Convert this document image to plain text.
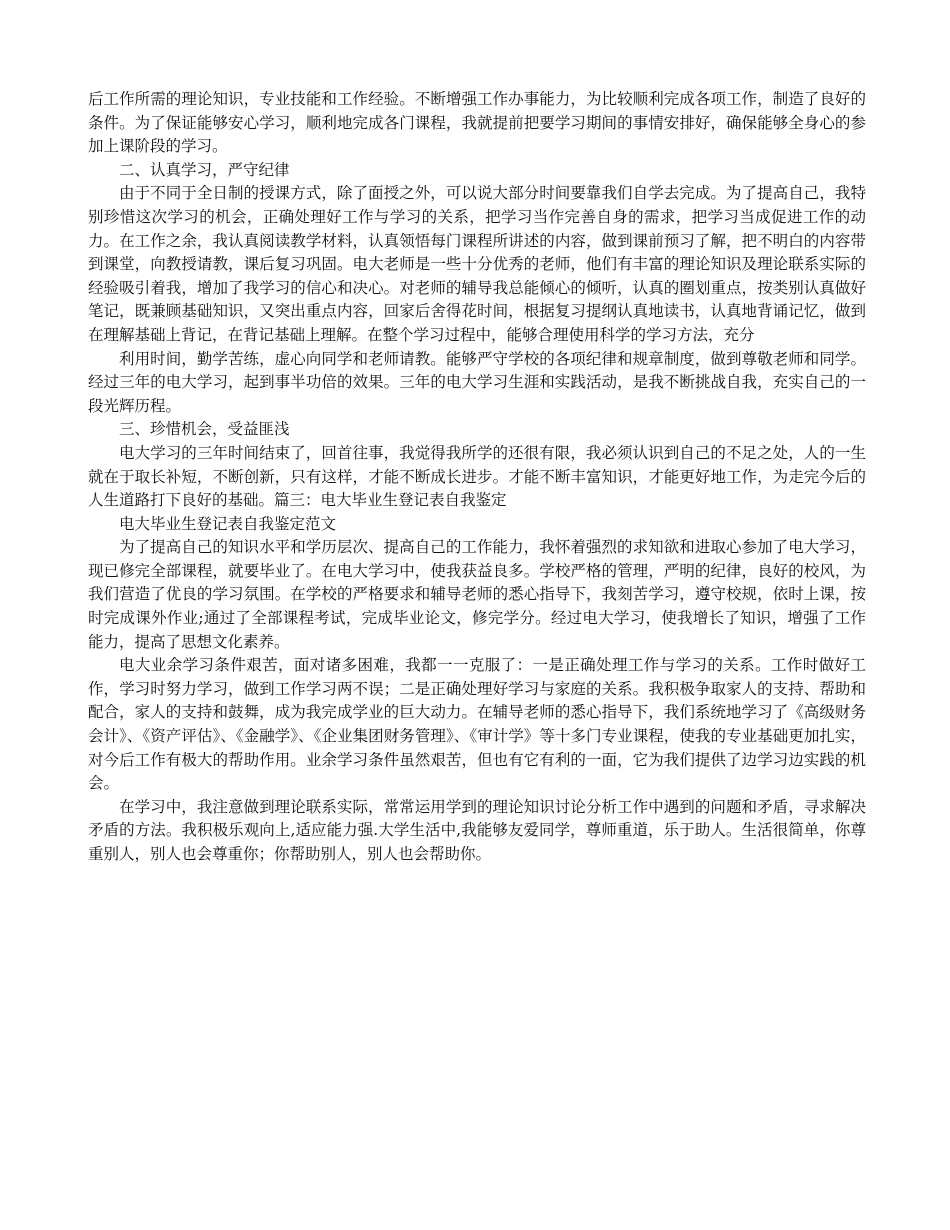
后工作所需的理论知识，专业技能和工作经验。不断增强工作办事能力，为比较顺利完成各项工作，制造了良好的条件。为了保证能够安心学习，顺利地完成各门课程，我就提前把要学习期间的事情安排好，确保能够全身心的参加上课阶段的学习。

二、认真学习，严守纪律

由于不同于全日制的授课方式，除了面授之外，可以说大部分时间要靠我们自学去完成。为了提高自己，我特别珍惜这次学习的机会，正确处理好工作与学习的关系，把学习当作完善自身的需求，把学习当成促进工作的动力。在工作之余，我认真阅读教学材料，认真领悟每门课程所讲述的内容，做到课前预习了解，把不明白的内容带到课堂，向教授请教，课后复习巩固。电大老师是一些十分优秀的老师，他们有丰富的理论知识及理论联系实际的经验吸引着我，增加了我学习的信心和决心。对老师的辅导我总能倾心的倾听，认真的圈划重点，按类别认真做好笔记，既兼顾基础知识，又突出重点内容，回家后舍得花时间，根据复习提纲认真地读书，认真地背诵记忆，做到在理解基础上背记，在背记基础上理解。在整个学习过程中，能够合理使用科学的学习方法，充分

利用时间，勤学苦练，虚心向同学和老师请教。能够严守学校的各项纪律和规章制度，做到尊敬老师和同学。经过三年的电大学习，起到事半功倍的效果。三年的电大学习生涯和实践活动，是我不断挑战自我，充实自己的一段光辉历程。

三、珍惜机会，受益匪浅

电大学习的三年时间结束了，回首往事，我觉得我所学的还很有限，我必须认识到自己的不足之处，人的一生就在于取长补短，不断创新，只有这样，才能不断成长进步。才能不断丰富知识，才能更好地工作，为走完今后的人生道路打下良好的基础。篇三：电大毕业生登记表自我鉴定

电大毕业生登记表自我鉴定范文

为了提高自己的知识水平和学历层次、提高自己的工作能力，我怀着强烈的求知欲和进取心参加了电大学习，现已修完全部课程，就要毕业了。在电大学习中，使我获益良多。学校严格的管理，严明的纪律，良好的校风，为我们营造了优良的学习氛围。在学校的严格要求和辅导老师的悉心指导下，我刻苦学习，遵守校规，依时上课，按时完成课外作业;通过了全部课程考试，完成毕业论文，修完学分。经过电大学习，使我增长了知识，增强了工作能力，提高了思想文化素养。

电大业余学习条件艰苦，面对诸多困难，我都一一克服了：一是正确处理工作与学习的关系。工作时做好工作，学习时努力学习，做到工作学习两不误；二是正确处理好学习与家庭的关系。我积极争取家人的支持、帮助和配合，家人的支持和鼓舞，成为我完成学业的巨大动力。在辅导老师的悉心指导下，我们系统地学习了《高级财务会计》、《资产评估》、《金融学》、《企业集团财务管理》、《审计学》等十多门专业课程，使我的专业基础更加扎实，对今后工作有极大的帮助作用。业余学习条件虽然艰苦，但也有它有利的一面，它为我们提供了边学习边实践的机会。

在学习中，我注意做到理论联系实际，常常运用学到的理论知识讨论分析工作中遇到的问题和矛盾，寻求解决矛盾的方法。我积极乐观向上,适应能力强.大学生活中,我能够友爱同学，尊师重道，乐于助人。生活很简单，你尊重别人，别人也会尊重你；你帮助别人，别人也会帮助你。
